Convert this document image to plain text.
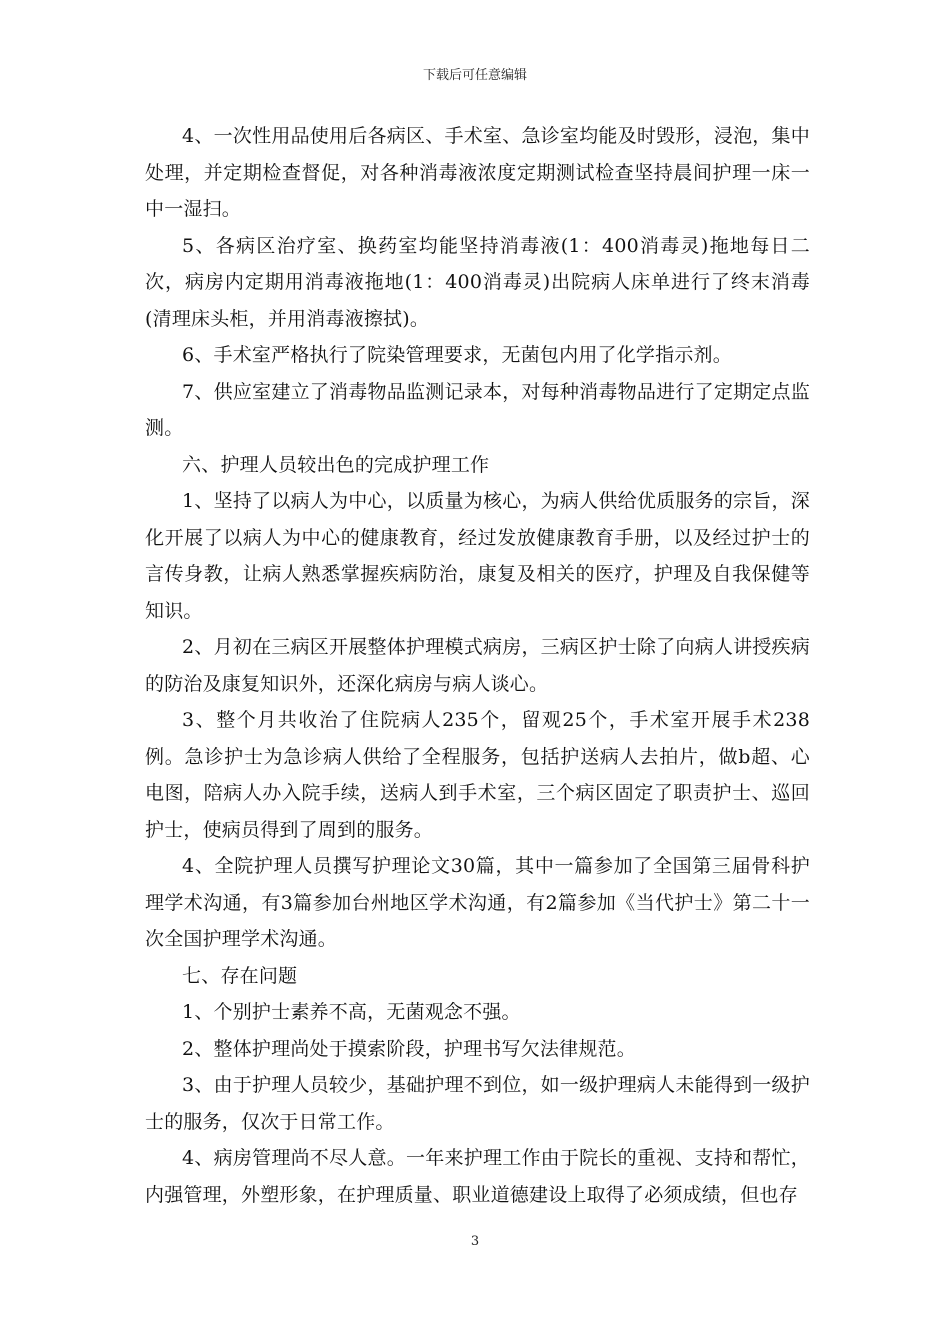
下载后可任意编辑

4、一次性用品使用后各病区、手术室、急诊室均能及时毁形，浸泡，集中处理，并定期检查督促，对各种消毒液浓度定期测试检查坚持晨间护理一床一中一湿扫。

5、各病区治疗室、换药室均能坚持消毒液(1：400消毒灵)拖地每日二次，病房内定期用消毒液拖地(1：400消毒灵)出院病人床单进行了终末消毒(清理床头柜，并用消毒液擦拭)。

6、手术室严格执行了院染管理要求，无菌包内用了化学指示剂。

7、供应室建立了消毒物品监测记录本，对每种消毒物品进行了定期定点监测。

六、护理人员较出色的完成护理工作

1、坚持了以病人为中心，以质量为核心，为病人供给优质服务的宗旨，深化开展了以病人为中心的健康教育，经过发放健康教育手册，以及经过护士的言传身教，让病人熟悉掌握疾病防治，康复及相关的医疗，护理及自我保健等知识。

2、月初在三病区开展整体护理模式病房，三病区护士除了向病人讲授疾病的防治及康复知识外，还深化病房与病人谈心。

3、整个月共收治了住院病人235个，留观25个，手术室开展手术238例。急诊护士为急诊病人供给了全程服务，包括护送病人去拍片，做b超、心电图，陪病人办入院手续，送病人到手术室，三个病区固定了职责护士、巡回护士，使病员得到了周到的服务。

4、全院护理人员撰写护理论文30篇，其中一篇参加了全国第三届骨科护理学术沟通，有3篇参加台州地区学术沟通，有2篇参加《当代护士》第二十一次全国护理学术沟通。

七、存在问题

1、个别护士素养不高，无菌观念不强。

2、整体护理尚处于摸索阶段，护理书写欠法律规范。

3、由于护理人员较少，基础护理不到位，如一级护理病人未能得到一级护士的服务，仅次于日常工作。

4、病房管理尚不尽人意。一年来护理工作由于院长的重视、支持和帮忙，内强管理，外塑形象，在护理质量、职业道德建设上取得了必须成绩，但也存

3
